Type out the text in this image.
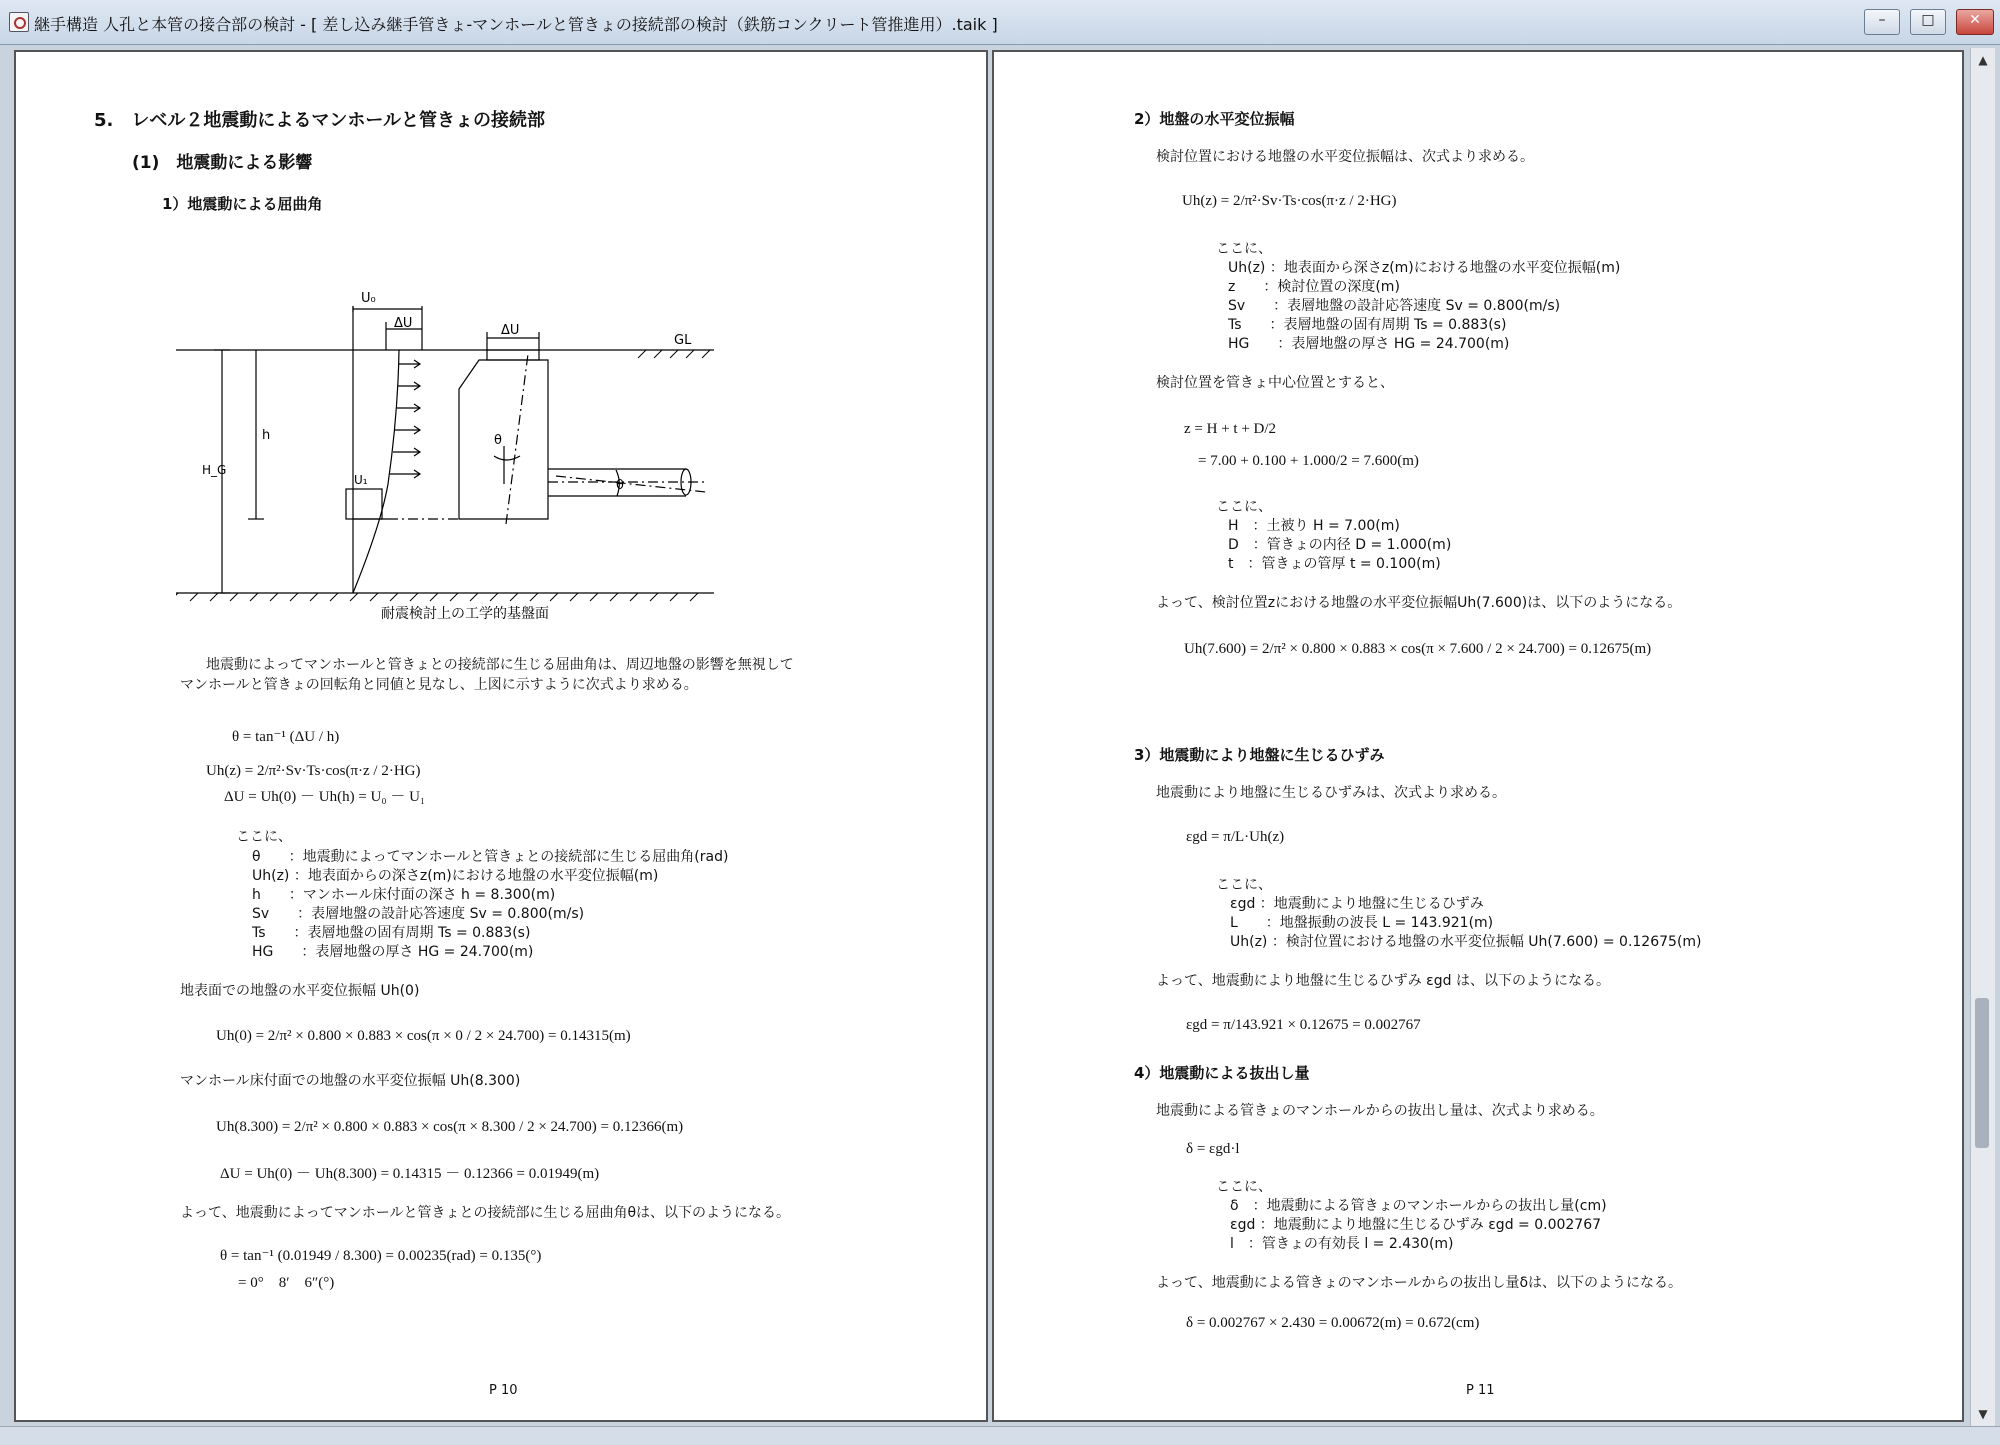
継手構造 人孔と本管の接合部の検討 - [ 差し込み継手管きょ-マンホールと管きょの接続部の検討（鉄筋コンクリート管推進用）.taik ]	–	□	✕
5.　レベル２地震動によるマンホールと管きょの接続部
(1)　地震動による影響
1）地震動による屈曲角
U₀
ΔU	ΔU
GL
h
H_G
U₁
θ
θ
耐震検討上の工学的基盤面
　地震動によってマンホールと管きょとの接続部に生じる屈曲角は、周辺地盤の影響を無視して
マンホールと管きょの回転角と同値と見なし、上図に示すように次式より求める。
θ = tan⁻¹ (ΔU / h)
Uh(z) = 2/π²·Sv·Ts·cos(π·z / 2·HG)
ΔU = Uh(0) － Uh(h) = U₀ － U₁
ここに、
θ　　：地震動によってマンホールと管きょとの接続部に生じる屈曲角(rad)
Uh(z) ：地表面からの深さz(m)における地盤の水平変位振幅(m)
h　　：マンホール床付面の深さ h = 8.300(m)
Sv　　：表層地盤の設計応答速度 Sv = 0.800(m/s)
Ts　　：表層地盤の固有周期 Ts = 0.883(s)
HG　　：表層地盤の厚さ HG = 24.700(m)
地表面での地盤の水平変位振幅 Uh(0)
Uh(0) = 2/π² × 0.800 × 0.883 × cos(π × 0 / 2 × 24.700) = 0.14315(m)
マンホール床付面での地盤の水平変位振幅 Uh(8.300)
Uh(8.300) = 2/π² × 0.800 × 0.883 × cos(π × 8.300 / 2 × 24.700) = 0.12366(m)
ΔU = Uh(0) － Uh(8.300) = 0.14315 － 0.12366 = 0.01949(m)
よって、地震動によってマンホールと管きょとの接続部に生じる屈曲角θは、以下のようになる。
θ = tan⁻¹ (0.01949 / 8.300) = 0.00235(rad) = 0.135(°)
= 0°　8′　6″(°)
P 10
2）地盤の水平変位振幅
検討位置における地盤の水平変位振幅は、次式より求める。
Uh(z) = 2/π²·Sv·Ts·cos(π·z / 2·HG)
ここに、
Uh(z) ：地表面から深さz(m)における地盤の水平変位振幅(m)
z　　：検討位置の深度(m)
Sv　　：表層地盤の設計応答速度 Sv = 0.800(m/s)
Ts　　：表層地盤の固有周期 Ts = 0.883(s)
HG　　：表層地盤の厚さ HG = 24.700(m)
検討位置を管きょ中心位置とすると、
z = H + t + D/2
= 7.00 + 0.100 + 1.000/2 = 7.600(m)
ここに、
H　：土被り H = 7.00(m)
D　：管きょの内径 D = 1.000(m)
t　：管きょの管厚 t = 0.100(m)
よって、検討位置zにおける地盤の水平変位振幅Uh(7.600)は、以下のようになる。
Uh(7.600) = 2/π² × 0.800 × 0.883 × cos(π × 7.600 / 2 × 24.700) = 0.12675(m)
3）地震動により地盤に生じるひずみ
地震動により地盤に生じるひずみは、次式より求める。
εgd = π/L·Uh(z)
ここに、
εgd ：地震動により地盤に生じるひずみ
L　　：地盤振動の波長 L = 143.921(m)
Uh(z) ：検討位置における地盤の水平変位振幅 Uh(7.600) = 0.12675(m)
よって、地震動により地盤に生じるひずみ εgd は、以下のようになる。
εgd = π/143.921 × 0.12675 = 0.002767
4）地震動による抜出し量
地震動による管きょのマンホールからの抜出し量は、次式より求める。
δ = εgd·l
ここに、
δ　：地震動による管きょのマンホールからの抜出し量(cm)
εgd ：地震動により地盤に生じるひずみ εgd = 0.002767
l　：管きょの有効長 l = 2.430(m)
よって、地震動による管きょのマンホールからの抜出し量δは、以下のようになる。
δ = 0.002767 × 2.430 = 0.00672(m) = 0.672(cm)
P 11
▲
▼
